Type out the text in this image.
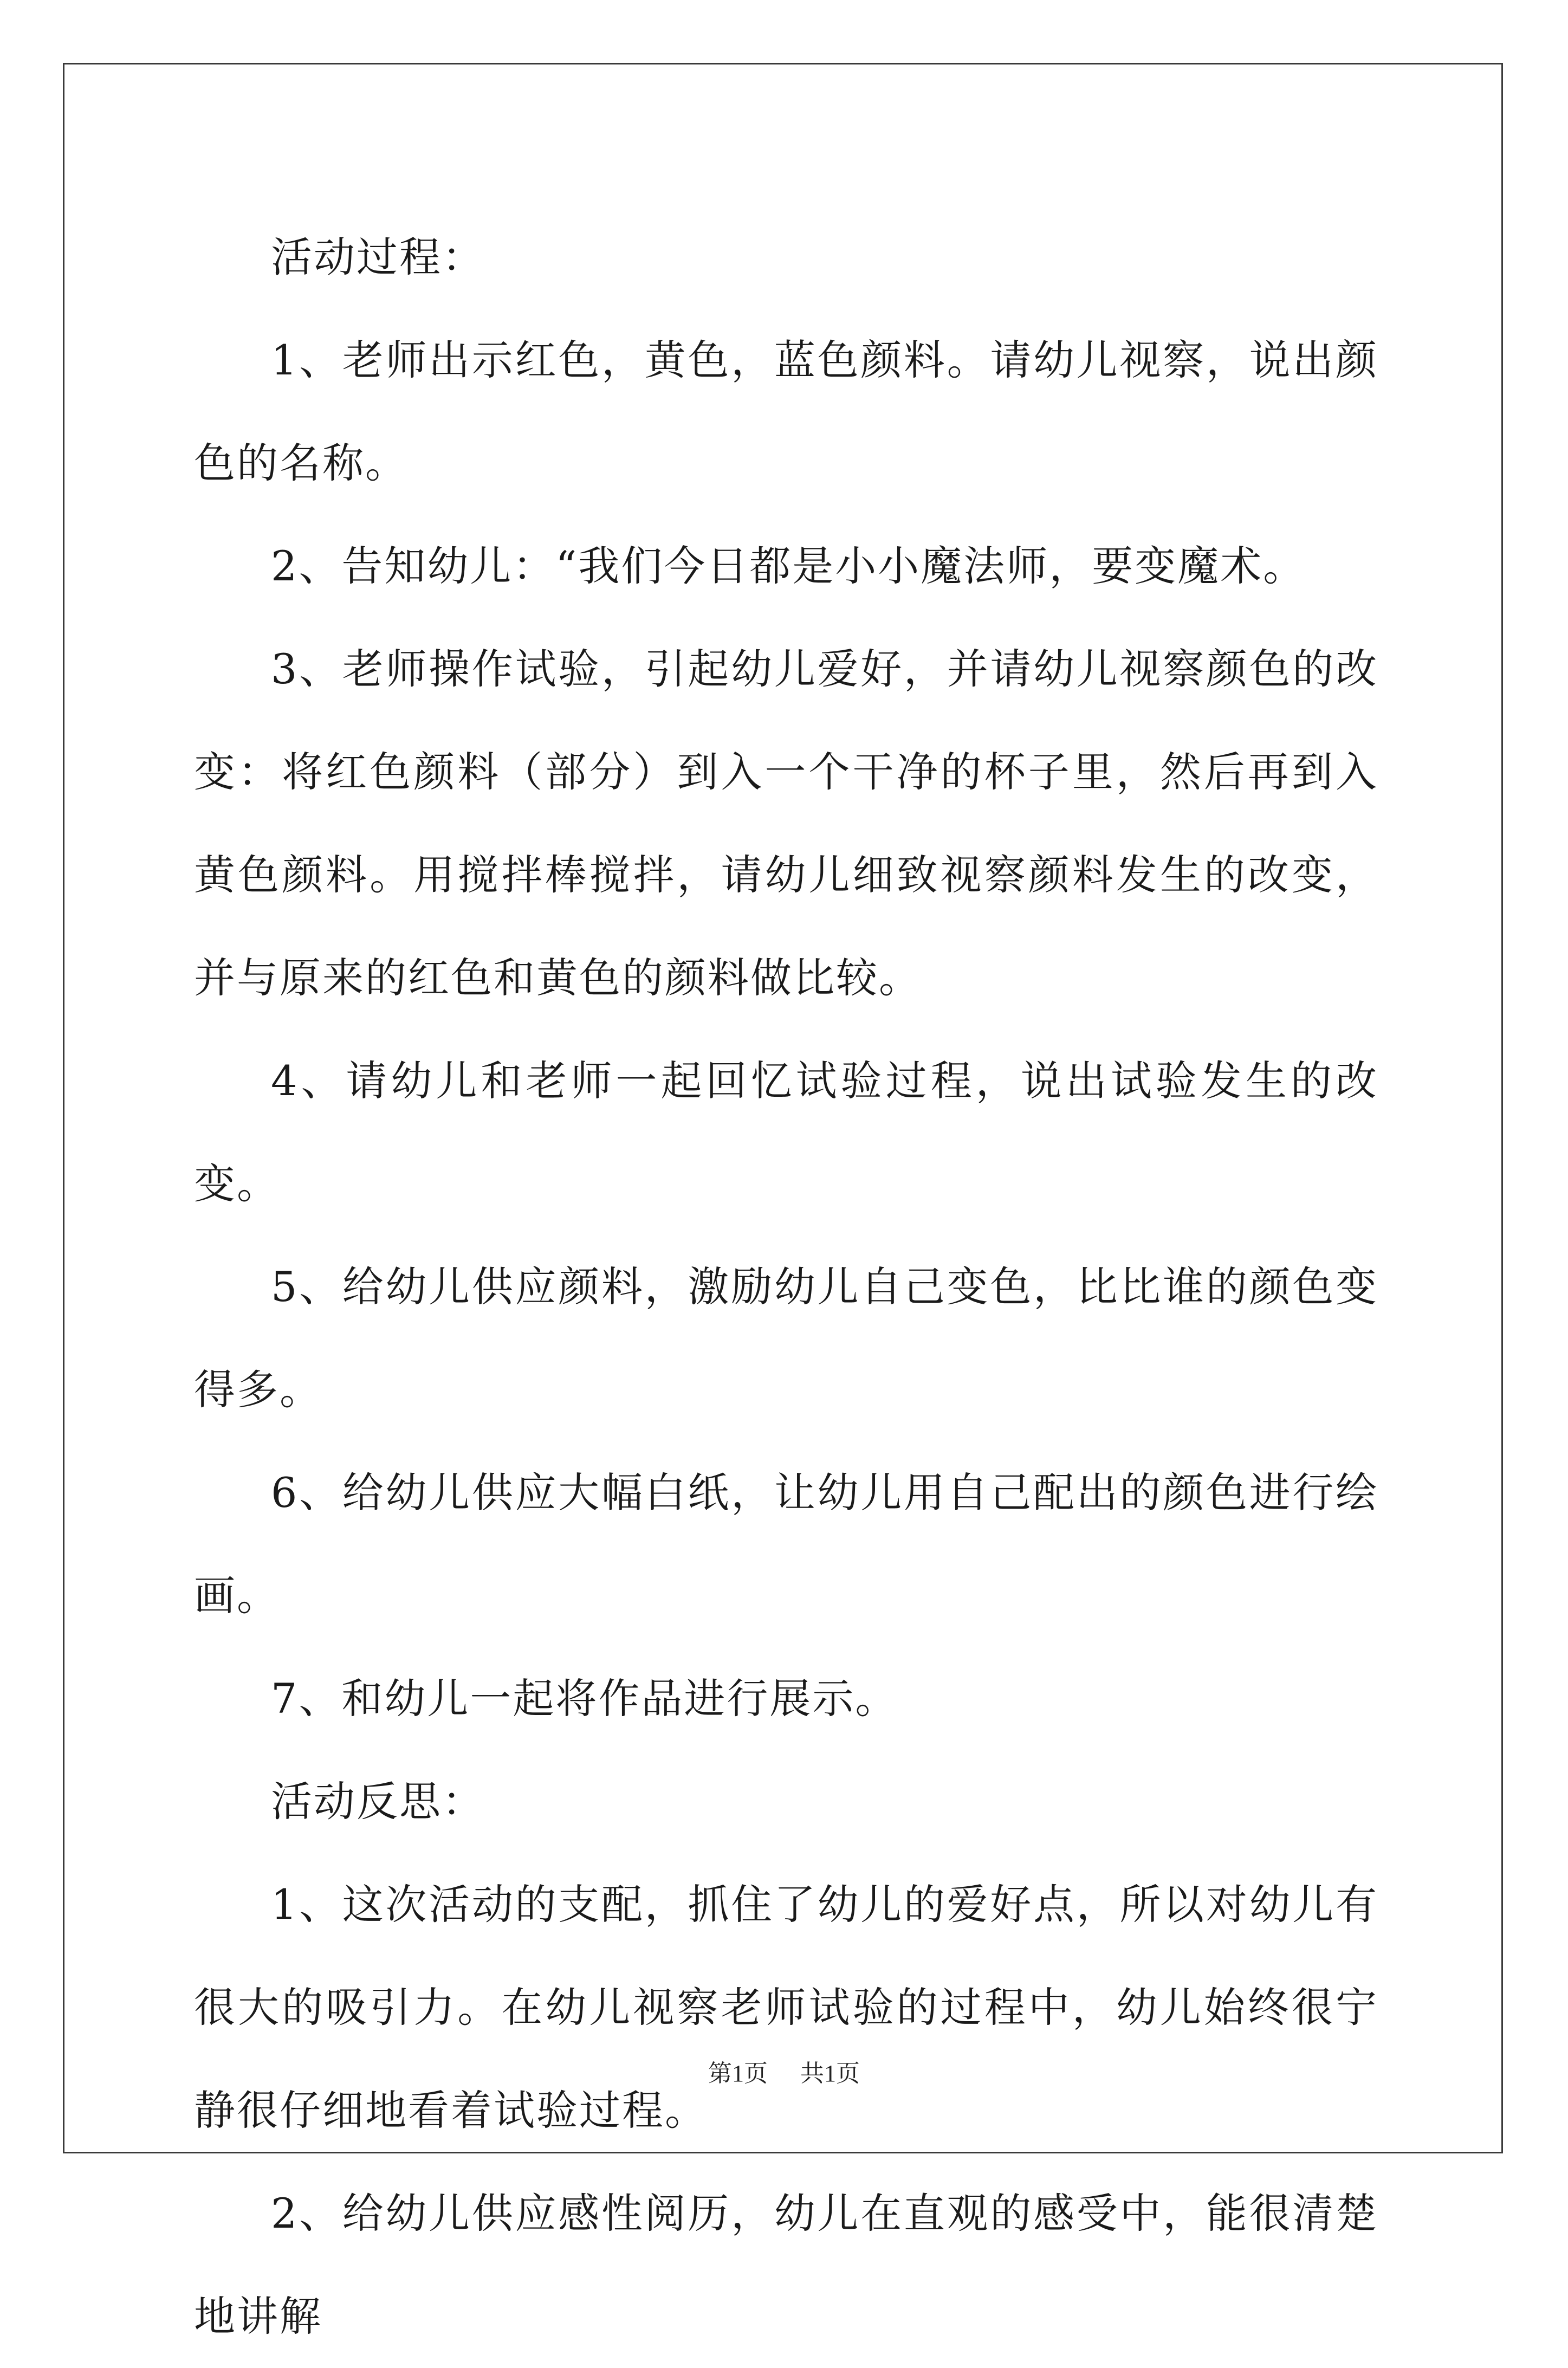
活动过程：

1、老师出示红色，黄色，蓝色颜料。请幼儿视察，说出颜色的名称。

2、告知幼儿：“我们今日都是小小魔法师，要变魔术。

3、老师操作试验，引起幼儿爱好，并请幼儿视察颜色的改变：将红色颜料（部分）到入一个干净的杯子里，然后再到入黄色颜料。用搅拌棒搅拌，请幼儿细致视察颜料发生的改变，并与原来的红色和黄色的颜料做比较。

4、请幼儿和老师一起回忆试验过程，说出试验发生的改变。

5、给幼儿供应颜料，激励幼儿自己变色，比比谁的颜色变得多。

6、给幼儿供应大幅白纸，让幼儿用自己配出的颜色进行绘画。

7、和幼儿一起将作品进行展示。

活动反思：

1、这次活动的支配，抓住了幼儿的爱好点，所以对幼儿有很大的吸引力。在幼儿视察老师试验的过程中，幼儿始终很宁静很仔细地看着试验过程。

2、给幼儿供应感性阅历，幼儿在直观的感受中，能很清楚地讲解

第1页 共1页
